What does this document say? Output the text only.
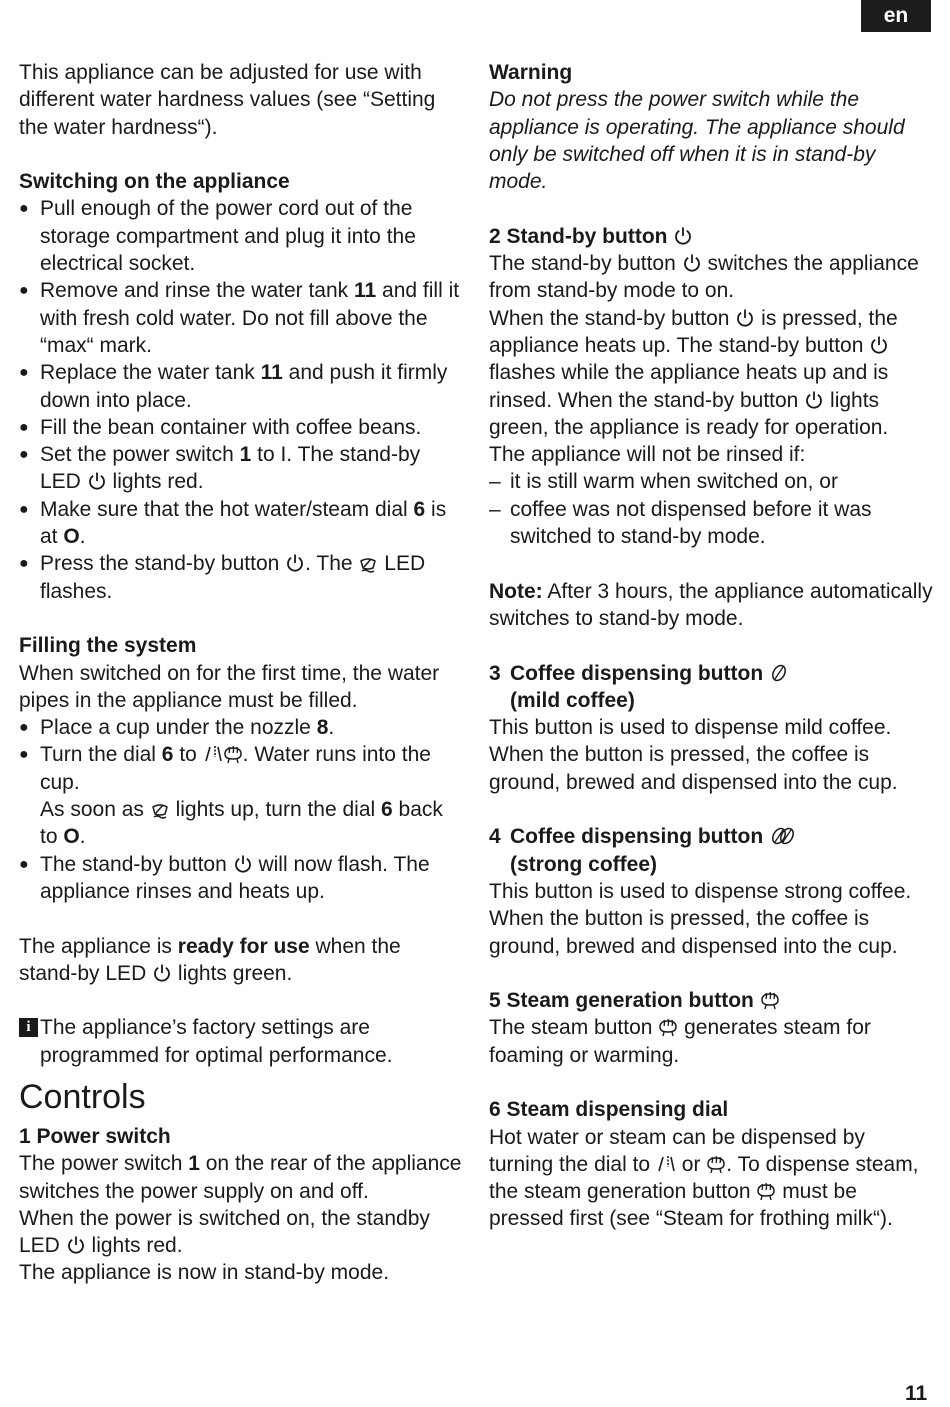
en

This appliance can be adjusted for use with different water hardness values (see “Setting the water hardness“).

Switching on the appliance

● Pull enough of the power cord out of the storage compartment and plug it into the electrical socket.

● Remove and rinse the water tank 11 and fill it with fresh cold water. Do not fill above the “max“ mark.

● Replace the water tank 11 and push it firmly down into place.

● Fill the bean container with coffee beans.

● Set the power switch 1 to I. The stand-by LED
lights red.

● Make sure that the hot water/steam dial 6 is at O.

● Press the stand-by button
. The
LED flashes.

Filling the system

When switched on for the first time, the water pipes in the appliance must be filled.

● Place a cup under the nozzle 8.

● Turn the dial 6 to
. Water runs into the cup.

As soon as
lights up, turn the dial 6 back to O.

● The stand-by button
will now flash. The appliance rinses and heats up.

The appliance is ready for use when the stand-by LED
lights green.

i The appliance’s factory settings are programmed for optimal performance.

Controls

1 Power switch

The power switch 1 on the rear of the appliance switches the power supply on and off.

When the power is switched on, the standby LED
lights red.

The appliance is now in stand-by mode.

Warning

Do not press the power switch while the appliance is operating. The appliance should only be switched off when it is in stand-by mode.

2 Stand-by button

The stand-by button
switches the appliance from stand-by mode to on.

When the stand-by button
is pressed, the appliance heats up. The stand-by button
flashes while the appliance heats up and is rinsed. When the stand-by button
lights green, the appliance is ready for operation.

The appliance will not be rinsed if:

– it is still warm when switched on, or

– coffee was not dispensed before it was switched to stand-by mode.

Note: After 3 hours, the appliance automatically switches to stand-by mode.

3 Coffee dispensing button

(mild coffee)

This button is used to dispense mild coffee. When the button is pressed, the coffee is ground, brewed and dispensed into the cup.

4 Coffee dispensing button

(strong coffee)

This button is used to dispense strong coffee.

When the button is pressed, the coffee is ground, brewed and dispensed into the cup.

5 Steam generation button

The steam button
generates steam for foaming or warming.

6 Steam dispensing dial

Hot water or steam can be dispensed by turning the dial to
or
. To dispense steam, the steam generation button
must be pressed first (see “Steam for frothing milk“).

11
